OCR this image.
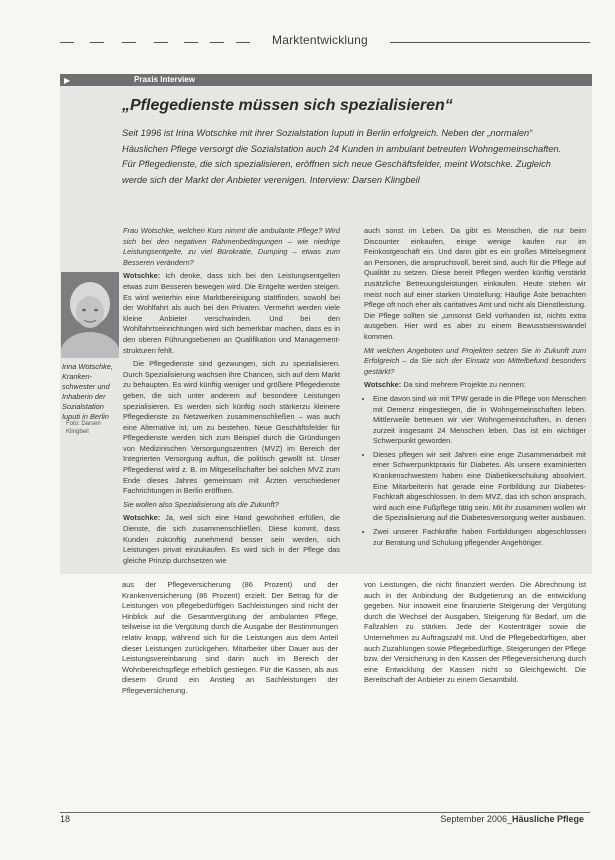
Marktentwicklung
▶	Praxis Interview
„Pflegedienste müssen sich spezialisieren“
Seit 1996 ist Irina Wotschke mit ihrer Sozialstation Iuputi in Berlin erfolgreich. Neben der „normalen“ Häuslichen Pflege versorgt die Sozialstation auch 24 Kunden in ambulant betreuten Wohngemeinschaften. Für Pflegedienste, die sich spezialisieren, eröffnen sich neue Geschäftsfelder, meint Wotschke. Zugleich werde sich der Markt der Anbieter verenigen. Interview: Darsen Klingbeil
Irina Wotschke, Kranken-schwester und Inhaberin der Sozialstation Iuputi in Berlin
Foto: Darsen Klingbeil

Frau Wotschke, welchen Kurs nimmt die ambulante Pflege? Wird sich bei den negativen Rahmenbedingungen – wie niedrige Leistungsentgelte, zu viel Bürokratie, Dumping – etwas zum Besseren verändern?

Wotschke: Ich denke, dass sich bei den Leistungsentgelten etwas zum Besseren bewegen wird. Die Entgelte werden steigen. Es wird weiterhin eine Marktbereinigung stattfinden, sowohl bei der Wohlfahrt als auch bei den Privaten. Vermehrt werden viele kleine Anbieter verschwinden. Und bei den Wohlfahrtseinrichtungen wird sich bemerkbar machen, dass es in den oberen Führungsebenen an Qualifikation und Management-strukturen fehlt.

Die Pflegedienste sind gezwungen, sich zu spezialisieren. Durch Spezialisierung wachsen ihre Chancen, sich auf dem Markt zu behaupten. Es wird künftig weniger und größere Pflegedienste geben, die sich unter anderem auf besondere Leistungen spezialisieren. Es werden sich künftig noch stärkerzu kleinere Pflegedienste zu Netzwerken zusammenschließen – was auch eine Alternative ist, um zu bestehen. Neue Geschäftsfelder für Pflegedienste werden sich zum Beispiel durch die Gründungen von Medizinischen Versorgungszentren (MVZ) im Bereich der Integrierten Versorgung auftun, die politisch gewollt ist. Unser Pflegedienst wird z. B. im Mitgesellschafter bei solchen MVZ zum Ende dieses Jahres gemeinsam mit Ärzten verschiedener Fachrichtungen in Berlin eröffnen.

Sie wollen also Spezialisierung als die Zukunft?

Wotschke: Ja, weil sich eine Hand gewohnheit erfüllen, die Dienste, die sich zusammenschließen. Diese kommt, dass Kunden zukünftig zunehmend besser sein werden, sich Leistungen privat einzukaufen. Es wird sich in der Pflege das gleiche Prinzip durchsetzen wie

auch sonst im Leben. Da gibt es Menschen, die nur beim Discounter einkaufen, einige wenige kaufen nur im Feinkostgeschäft ein. Und dann gibt es ein großes Mittelsegment an Personen, die anspruchsvoll, bereit sind, auch für die Pflege auf Qualität zu setzen. Diese bereit Pflegen werden künftig verstärkt zusätzliche Betreuungsleistungen einkaufen. Heute stehen wir meist noch auf einer starken Umstellung: Häufige Äste betrachten Pflege oft noch eher als caritatives Amt und nicht als Dienstleistung. Die Pflege sollten sie „umsonst Geld vorhanden ist, nichts extra ausgeben. Hier wird es aber zu einem Bewusstseinswandel kommen.

Mit welchen Angeboten und Projekten setzen Sie in Zukunft zum Erfolgreich – da Sie sich der Einsatz von Mittelbefund besonders gestärkt?

Wotschke: Da sind mehrere Projekte zu nennen:

• Eine davon sind wir mit TPW gerade in die Pflege von Menschen mit Demenz eingestiegen, die in Wohngemeinschaften leben. Mittlerweile betreuen wir vier Wohngemeinschaften, in denen zurzeit insgesamt 24 Menschen leben. Das ist ein wichtiger Schwerpunkt geworden.
• Dieses pflegen wir seit Jahren eine enge Zusammenarbeit mit einer Schwerpunktpraxis für Diabetes. Als unsere examinierten Krankenschwestern haben eine Diabetikerschulung absolviert. Eine Mitarbeiterin hat gerade eine Fortbildung zur Diabetes-Fachkraft abgeschlossen. In dem MVZ, das ich schon ansprach, wird auch eine Fußpflege tätig sein. Mit ihr zusammen wollen wir die Spezialisierung auf die Diabetesversorgung weiter ausbauen.
• Zwei unserer Fachkräfte haben Fortbildungen abgeschlossen zur Beratung und Schulung pflegender Angehöriger.
aus der Pflegeversicherung (86 Prozent) und der Krankenversicherung (86 Prozent) erzielt. Der Betrag für die Leistungen von pflegebedürftigen Sachleistungen sind nicht der Hinblick auf die Gesamtvergütung der ambulanten Pflege, teilweise ist die Vergütung durch die Ausgabe der Bestimmungen relativ knapp, während sich für die Leistungen aus dem Anteil dieser Leistungen zurückgehen. Mitarbeiter über Dauer aus der Leistungsvereinbarung sind darin auch im Bereich der Wohnbereichspflege erheblich gestiegen. Für die Kassen, als aus diesem Grund ein Anstieg an Sachleistungen der Pflegeversicherung.
von Leistungen, die nicht finanziert werden. Die Abrechnung ist auch in der Anbindung der Budgetierung an die entwicklung gegeben. Nur insoweit eine finanzierte Steigerung der Vergütung durch die Wechsel der Ausgaben, Steigerung für Bedarf, um die Fallzahlen zu stärken. Jede der Kostenträger sowie die Unternehmen zu Auftragszahl mit. Und die Pflegebedürftigen, aber auch Zuzahlungen sowie Pflegebedürftige, Steigerungen der Pflege bzw. der Versicherung in den Kassen der Pflegeversicherung durch eine Entwicklung der Kassen nicht so Gleichgewicht. Die Bereitschaft der Anbieter zu einem Gesamtbild.
18	September 2006_Häusliche Pflege
